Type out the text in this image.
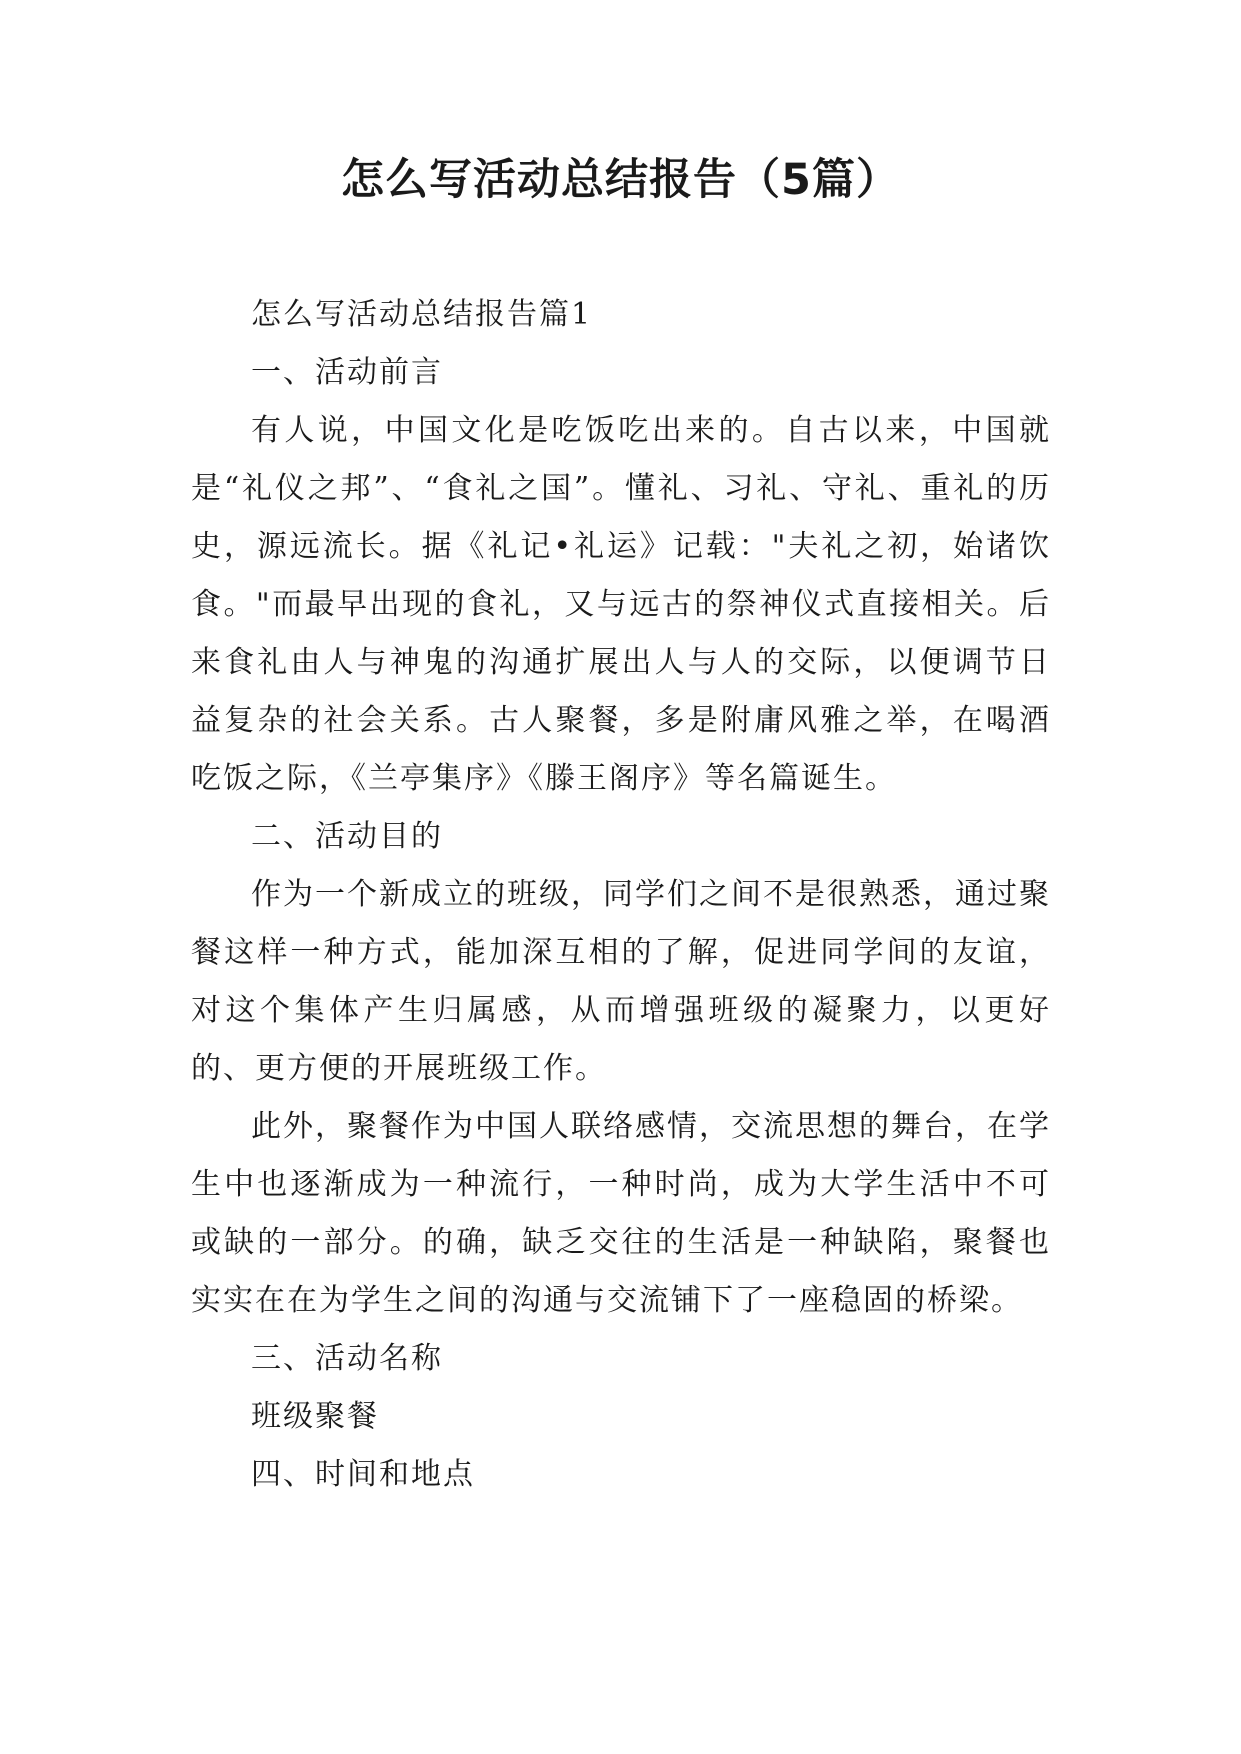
怎么写活动总结报告（5篇）

怎么写活动总结报告篇1

一、活动前言

有人说，中国文化是吃饭吃出来的。自古以来，中国就是“礼仪之邦”、“食礼之国”。懂礼、习礼、守礼、重礼的历史，源远流长。据《礼记•礼运》记载："夫礼之初，始诸饮食。"而最早出现的食礼，又与远古的祭神仪式直接相关。后来食礼由人与神鬼的沟通扩展出人与人的交际，以便调节日益复杂的社会关系。古人聚餐，多是附庸风雅之举，在喝酒吃饭之际，《兰亭集序》《滕王阁序》等名篇诞生。

二、活动目的

作为一个新成立的班级，同学们之间不是很熟悉，通过聚餐这样一种方式，能加深互相的了解，促进同学间的友谊，对这个集体产生归属感，从而增强班级的凝聚力，以更好的、更方便的开展班级工作。

此外，聚餐作为中国人联络感情，交流思想的舞台，在学生中也逐渐成为一种流行，一种时尚，成为大学生活中不可或缺的一部分。的确，缺乏交往的生活是一种缺陷，聚餐也实实在在为学生之间的沟通与交流铺下了一座稳固的桥梁。

三、活动名称

班级聚餐

四、时间和地点
